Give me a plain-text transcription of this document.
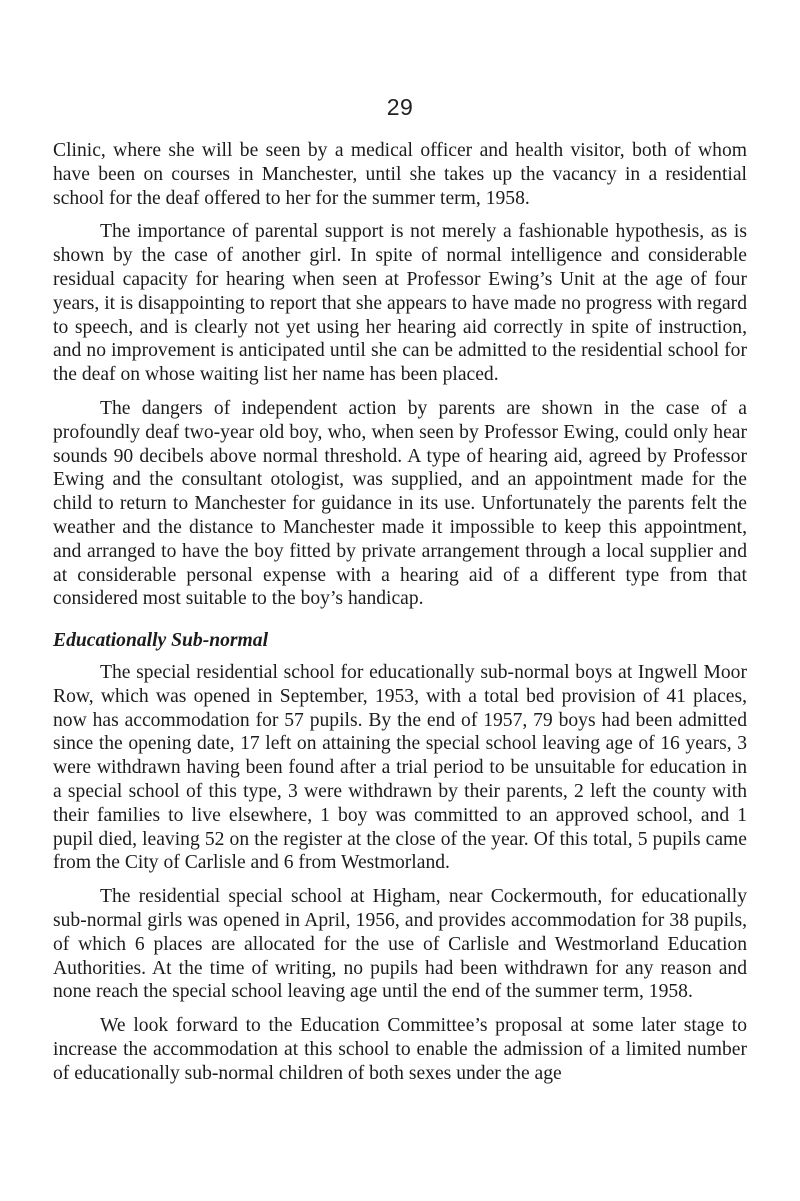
29

Clinic, where she will be seen by a medical officer and health visitor, both of whom have been on courses in Manchester, until she takes up the vacancy in a residential school for the deaf offered to her for the summer term, 1958.

The importance of parental support is not merely a fashionable hypothesis, as is shown by the case of another girl. In spite of normal intelligence and considerable residual capacity for hearing when seen at Professor Ewing’s Unit at the age of four years, it is disappointing to report that she appears to have made no progress with regard to speech, and is clearly not yet using her hearing aid correctly in spite of instruction, and no improvement is anticipated until she can be admitted to the residential school for the deaf on whose waiting list her name has been placed.

The dangers of independent action by parents are shown in the case of a profoundly deaf two-year old boy, who, when seen by Professor Ewing, could only hear sounds 90 decibels above normal threshold. A type of hearing aid, agreed by Professor Ewing and the consultant otologist, was supplied, and an appointment made for the child to return to Manchester for guidance in its use. Unfortunately the parents felt the weather and the distance to Manchester made it impossible to keep this appointment, and arranged to have the boy fitted by private arrangement through a local supplier and at considerable personal expense with a hearing aid of a different type from that considered most suitable to the boy’s handicap.

Educationally Sub-normal

The special residential school for educationally sub-normal boys at Ingwell Moor Row, which was opened in September, 1953, with a total bed provision of 41 places, now has accommodation for 57 pupils. By the end of 1957, 79 boys had been admitted since the opening date, 17 left on attaining the special school leaving age of 16 years, 3 were withdrawn having been found after a trial period to be unsuitable for education in a special school of this type, 3 were withdrawn by their parents, 2 left the county with their families to live elsewhere, 1 boy was committed to an approved school, and 1 pupil died, leaving 52 on the register at the close of the year. Of this total, 5 pupils came from the City of Carlisle and 6 from Westmorland.

The residential special school at Higham, near Cockermouth, for educationally sub-normal girls was opened in April, 1956, and provides accommodation for 38 pupils, of which 6 places are allocated for the use of Carlisle and Westmorland Education Authorities. At the time of writing, no pupils had been withdrawn for any reason and none reach the special school leaving age until the end of the summer term, 1958.

We look forward to the Education Committee’s proposal at some later stage to increase the accommodation at this school to enable the admission of a limited number of educationally sub-normal children of both sexes under the age
